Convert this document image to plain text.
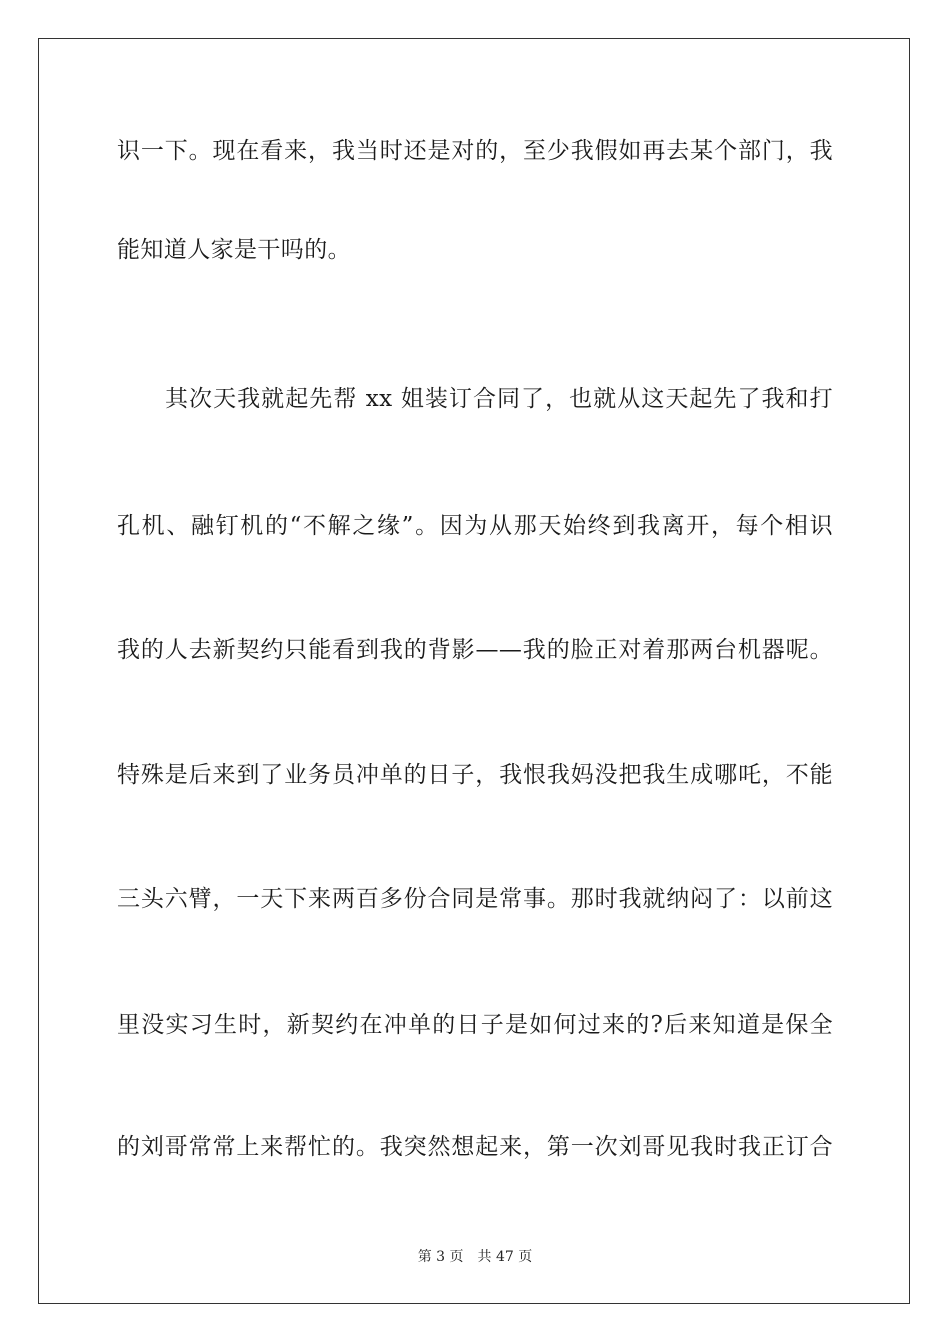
识一下。现在看来，我当时还是对的，至少我假如再去某个部门，我
能知道人家是干吗的。
其次天我就起先帮 xx 姐装订合同了，也就从这天起先了我和打
孔机、融钉机的“不解之缘”。因为从那天始终到我离开，每个相识
我的人去新契约只能看到我的背影——我的脸正对着那两台机器呢。
特殊是后来到了业务员冲单的日子，我恨我妈没把我生成哪吒，不能
三头六臂，一天下来两百多份合同是常事。那时我就纳闷了：以前这
里没实习生时，新契约在冲单的日子是如何过来的?后来知道是保全
的刘哥常常上来帮忙的。我突然想起来，第一次刘哥见我时我正订合
第 3 页 共 47 页
